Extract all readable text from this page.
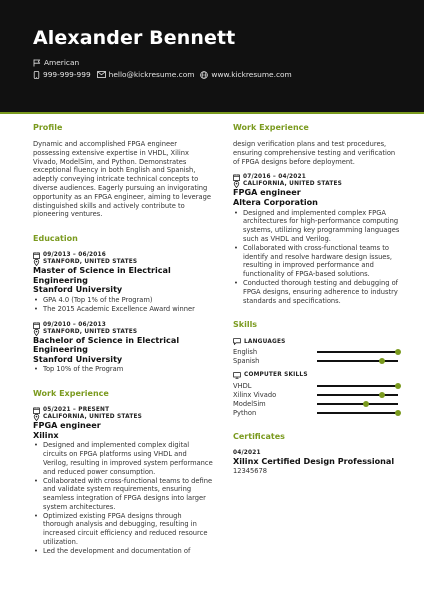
Alexander Bennett
American
999-999-999 hello@kickresume.com www.kickresume.com
Profile
Dynamic and accomplished FPGA engineer possessing extensive expertise in VHDL, Xilinx Vivado, ModelSim, and Python. Demonstrates exceptional fluency in both English and Spanish, adeptly conveying intricate technical concepts to diverse audiences. Eagerly pursuing an invigorating opportunity as an FPGA engineer, aiming to leverage distinguished skills and actively contribute to pioneering ventures.
Education
09/2013 – 06/2016
STANFORD, UNITED STATES
Master of Science in Electrical Engineering
Stanford University
• GPA 4.0 (Top 1% of the Program)
• The 2015 Academic Excellence Award winner
09/2010 – 06/2013
STANFORD, UNITED STATES
Bachelor of Science in Electrical Engineering
Stanford University
• Top 10% of the Program
Work Experience
05/2021 – PRESENT
CALIFORNIA, UNITED STATES
FPGA engineer
Xilinx
• Designed and implemented complex digital circuits on FPGA platforms using VHDL and Verilog, resulting in improved system performance and reduced power consumption.
• Collaborated with cross-functional teams to define and validate system requirements, ensuring seamless integration of FPGA designs into larger system architectures.
• Optimized existing FPGA designs through thorough analysis and debugging, resulting in increased circuit efficiency and reduced resource utilization.
• Led the development and documentation of
Work Experience
design verification plans and test procedures, ensuring comprehensive testing and verification of FPGA designs before deployment.
07/2016 – 04/2021
CALIFORNIA, UNITED STATES
FPGA engineer
Altera Corporation
• Designed and implemented complex FPGA architectures for high-performance computing systems, utilizing key programming languages such as VHDL and Verilog.
• Collaborated with cross-functional teams to identify and resolve hardware design issues, resulting in improved performance and functionality of FPGA-based solutions.
• Conducted thorough testing and debugging of FPGA designs, ensuring adherence to industry standards and specifications.
Skills
LANGUAGES
English
Spanish
COMPUTER SKILLS
VHDL
Xilinx Vivado
ModelSim
Python
Certificates
04/2021
Xilinx Certified Design Professional
12345678
